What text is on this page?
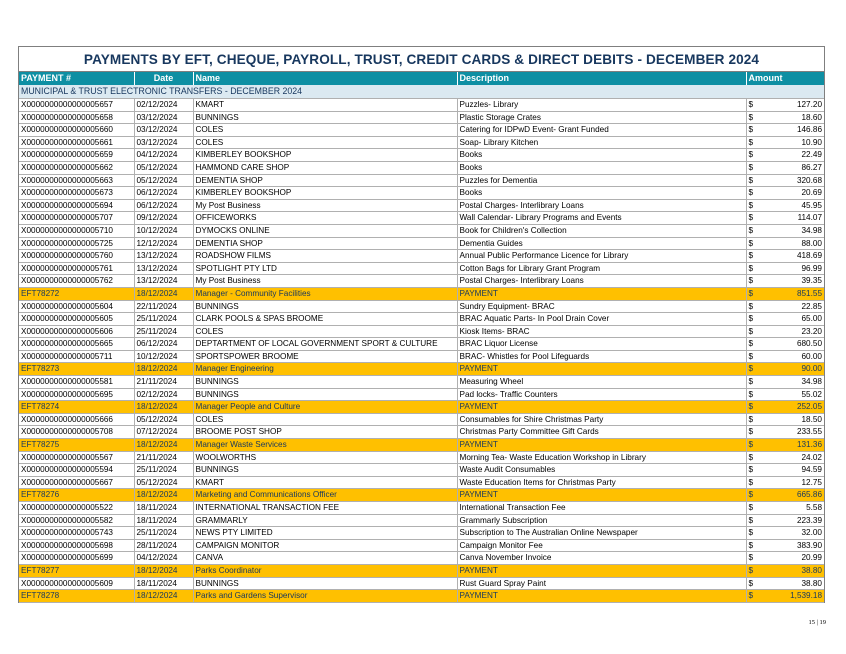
PAYMENTS BY EFT, CHEQUE, PAYROLL, TRUST, CREDIT CARDS & DIRECT DEBITS - DECEMBER 2024
PAYMENT #	Date	Name	Description	Amount
MUNICIPAL & TRUST ELECTRONIC TRANSFERS - DECEMBER 2024				
X0000000000000005657	02/12/2024	KMART	Puzzles- Library	$ 127.20
X0000000000000005658	03/12/2024	BUNNINGS	Plastic Storage Crates	$ 18.60
X0000000000000005660	03/12/2024	COLES	Catering for IDPwD Event- Grant Funded	$ 146.86
X0000000000000005661	03/12/2024	COLES	Soap- Library Kitchen	$ 10.90
X0000000000000005659	04/12/2024	KIMBERLEY BOOKSHOP	Books	$ 22.49
X0000000000000005662	05/12/2024	HAMMOND CARE SHOP	Books	$ 86.27
X0000000000000005663	05/12/2024	DEMENTIA SHOP	Puzzles for Dementia	$ 320.68
X0000000000000005673	06/12/2024	KIMBERLEY BOOKSHOP	Books	$ 20.69
X0000000000000005694	06/12/2024	My Post Business	Postal Charges- Interlibrary Loans	$ 45.95
X0000000000000005707	09/12/2024	OFFICEWORKS	Wall Calendar- Library Programs and Events	$ 114.07
X0000000000000005710	10/12/2024	DYMOCKS ONLINE	Book for Children's Collection	$ 34.98
X0000000000000005725	12/12/2024	DEMENTIA SHOP	Dementia Guides	$ 88.00
X0000000000000005760	13/12/2024	ROADSHOW FILMS	Annual Public Performance Licence for Library	$ 418.69
X0000000000000005761	13/12/2024	SPOTLIGHT PTY LTD	Cotton Bags for Library Grant Program	$ 96.99
X0000000000000005762	13/12/2024	My Post Business	Postal Charges- Interlibrary Loans	$ 39.35
EFT78272	18/12/2024	Manager - Community Facilities	PAYMENT	$ 851.55
X0000000000000005604	22/11/2024	BUNNINGS	Sundry Equipment- BRAC	$ 22.85
X0000000000000005605	25/11/2024	CLARK POOLS & SPAS BROOME	BRAC Aquatic Parts- In Pool Drain Cover	$ 65.00
X0000000000000005606	25/11/2024	COLES	Kiosk Items- BRAC	$ 23.20
X0000000000000005665	06/12/2024	DEPTARTMENT OF LOCAL GOVERNMENT SPORT & CULTURE	BRAC Liquor License	$ 680.50
X0000000000000005711	10/12/2024	SPORTSPOWER BROOME	BRAC- Whistles for Pool Lifeguards	$ 60.00
EFT78273	18/12/2024	Manager Engineering	PAYMENT	$ 90.00
X0000000000000005581	21/11/2024	BUNNINGS	Measuring Wheel	$ 34.98
X0000000000000005695	02/12/2024	BUNNINGS	Pad locks- Traffic Counters	$ 55.02
EFT78274	18/12/2024	Manager People and Culture	PAYMENT	$ 252.05
X0000000000000005666	05/12/2024	COLES	Consumables for Shire Christmas Party	$ 18.50
X0000000000000005708	07/12/2024	BROOME POST SHOP	Christmas Party Committee Gift Cards	$ 233.55
EFT78275	18/12/2024	Manager Waste Services	PAYMENT	$ 131.36
X0000000000000005567	21/11/2024	WOOLWORTHS	Morning Tea- Waste Education Workshop in Library	$ 24.02
X0000000000000005594	25/11/2024	BUNNINGS	Waste Audit Consumables	$ 94.59
X0000000000000005667	05/12/2024	KMART	Waste Education Items for Christmas Party	$ 12.75
EFT78276	18/12/2024	Marketing and Communications Officer	PAYMENT	$ 665.86
X0000000000000005522	18/11/2024	INTERNATIONAL TRANSACTION FEE	International Transaction Fee	$ 5.58
X0000000000000005582	18/11/2024	GRAMMARLY	Grammarly Subscription	$ 223.39
X0000000000000005743	25/11/2024	NEWS PTY LIMITED	Subscription to The Australian Online Newspaper	$ 32.00
X0000000000000005698	28/11/2024	CAMPAIGN MONITOR	Campaign Monitor Fee	$ 383.90
X0000000000000005699	04/12/2024	CANVA	Canva November Invoice	$ 20.99
EFT78277	18/12/2024	Parks Coordinator	PAYMENT	$ 38.80
X0000000000000005609	18/11/2024	BUNNINGS	Rust Guard Spray Paint	$ 38.80
EFT78278	18/12/2024	Parks and Gardens Supervisor	PAYMENT	$ 1,539.18
15 | 19
